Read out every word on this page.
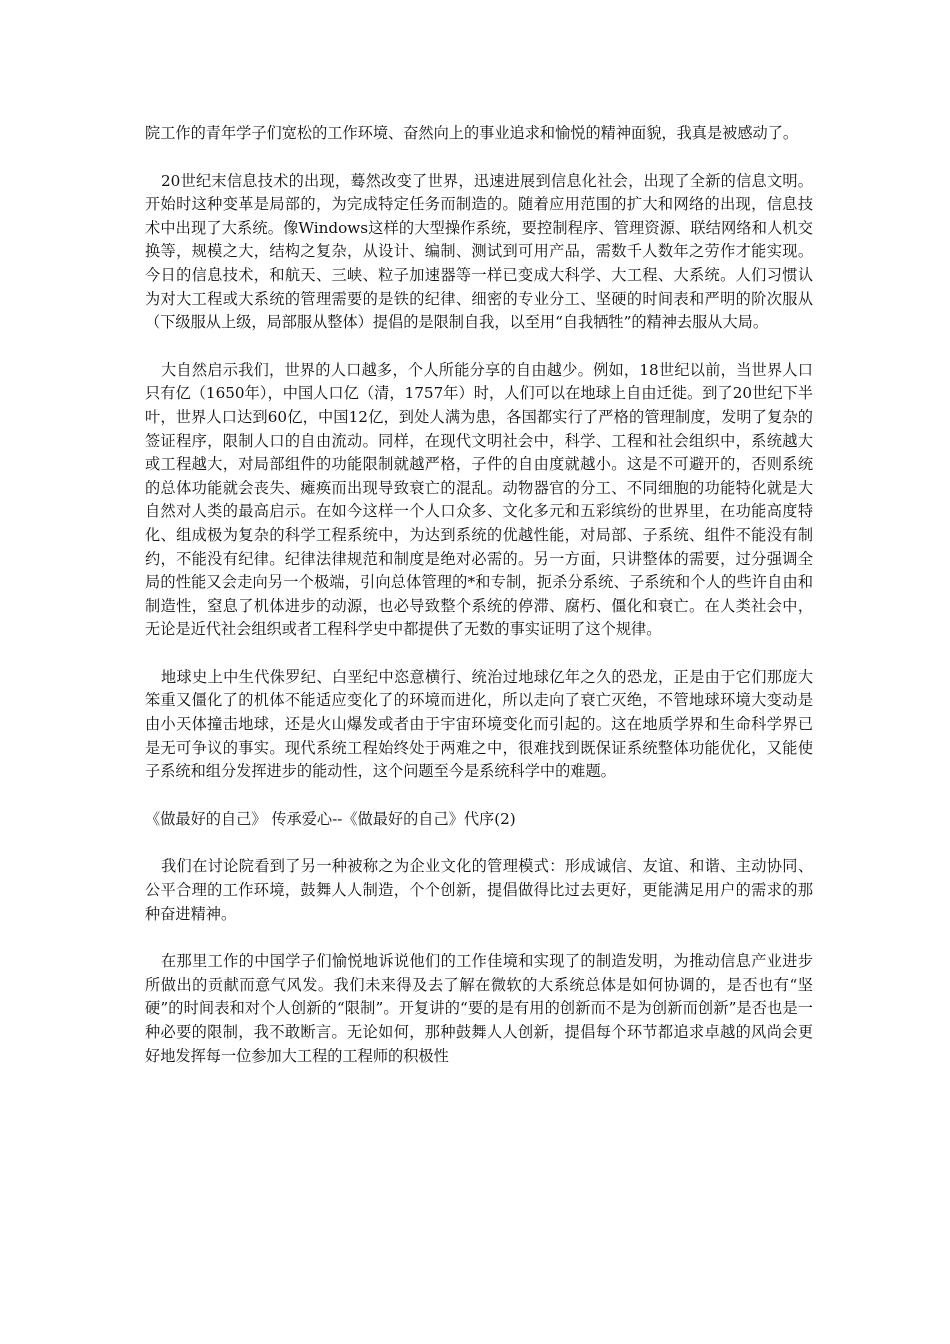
院工作的青年学子们宽松的工作环境、奋然向上的事业追求和愉悦的精神面貌，我真是被感动了。

20世纪末信息技术的出现，蓦然改变了世界，迅速进展到信息化社会，出现了全新的信息文明。开始时这种变革是局部的，为完成特定任务而制造的。随着应用范围的扩大和网络的出现，信息技术中出现了大系统。像Windows这样的大型操作系统，要控制程序、管理资源、联结网络和人机交换等，规模之大，结构之复杂，从设计、编制、测试到可用产品，需数千人数年之劳作才能实现。今日的信息技术，和航天、三峡、粒子加速器等一样已变成大科学、大工程、大系统。人们习惯认为对大工程或大系统的管理需要的是铁的纪律、细密的专业分工、坚硬的时间表和严明的阶次服从（下级服从上级，局部服从整体）提倡的是限制自我，以至用“自我牺牲”的精神去服从大局。

大自然启示我们，世界的人口越多，个人所能分享的自由越少。例如，18世纪以前，当世界人口只有亿（1650年），中国人口亿（清，1757年）时，人们可以在地球上自由迁徙。到了20世纪下半叶，世界人口达到60亿，中国12亿，到处人满为患，各国都实行了严格的管理制度，发明了复杂的签证程序，限制人口的自由流动。同样，在现代文明社会中，科学、工程和社会组织中，系统越大或工程越大，对局部组件的功能限制就越严格，子件的自由度就越小。这是不可避开的，否则系统的总体功能就会丧失、瘫痪而出现导致衰亡的混乱。动物器官的分工、不同细胞的功能特化就是大自然对人类的最高启示。在如今这样一个人口众多、文化多元和五彩缤纷的世界里，在功能高度特化、组成极为复杂的科学工程系统中，为达到系统的优越性能，对局部、子系统、组件不能没有制约，不能没有纪律。纪律法律规范和制度是绝对必需的。另一方面，只讲整体的需要，过分强调全局的性能又会走向另一个极端，引向总体管理的*和专制，扼杀分系统、子系统和个人的些许自由和制造性，窒息了机体进步的动源，也必导致整个系统的停滞、腐朽、僵化和衰亡。在人类社会中，无论是近代社会组织或者工程科学史中都提供了无数的事实证明了这个规律。

地球史上中生代侏罗纪、白垩纪中恣意横行、统治过地球亿年之久的恐龙，正是由于它们那庞大笨重又僵化了的机体不能适应变化了的环境而进化，所以走向了衰亡灭绝，不管地球环境大变动是由小天体撞击地球，还是火山爆发或者由于宇宙环境变化而引起的。这在地质学界和生命科学界已是无可争议的事实。现代系统工程始终处于两难之中，很难找到既保证系统整体功能优化，又能使子系统和组分发挥进步的能动性，这个问题至今是系统科学中的难题。

《做最好的自己》 传承爱心--《做最好的自己》代序(2)

我们在讨论院看到了另一种被称之为企业文化的管理模式：形成诚信、友谊、和谐、主动协同、公平合理的工作环境，鼓舞人人制造，个个创新，提倡做得比过去更好，更能满足用户的需求的那种奋进精神。

在那里工作的中国学子们愉悦地诉说他们的工作佳境和实现了的制造发明，为推动信息产业进步所做出的贡献而意气风发。我们未来得及去了解在微软的大系统总体是如何协调的，是否也有“坚硬”的时间表和对个人创新的“限制”。开复讲的“要的是有用的创新而不是为创新而创新”是否也是一种必要的限制，我不敢断言。无论如何，那种鼓舞人人创新，提倡每个环节都追求卓越的风尚会更好地发挥每一位参加大工程的工程师的积极性
